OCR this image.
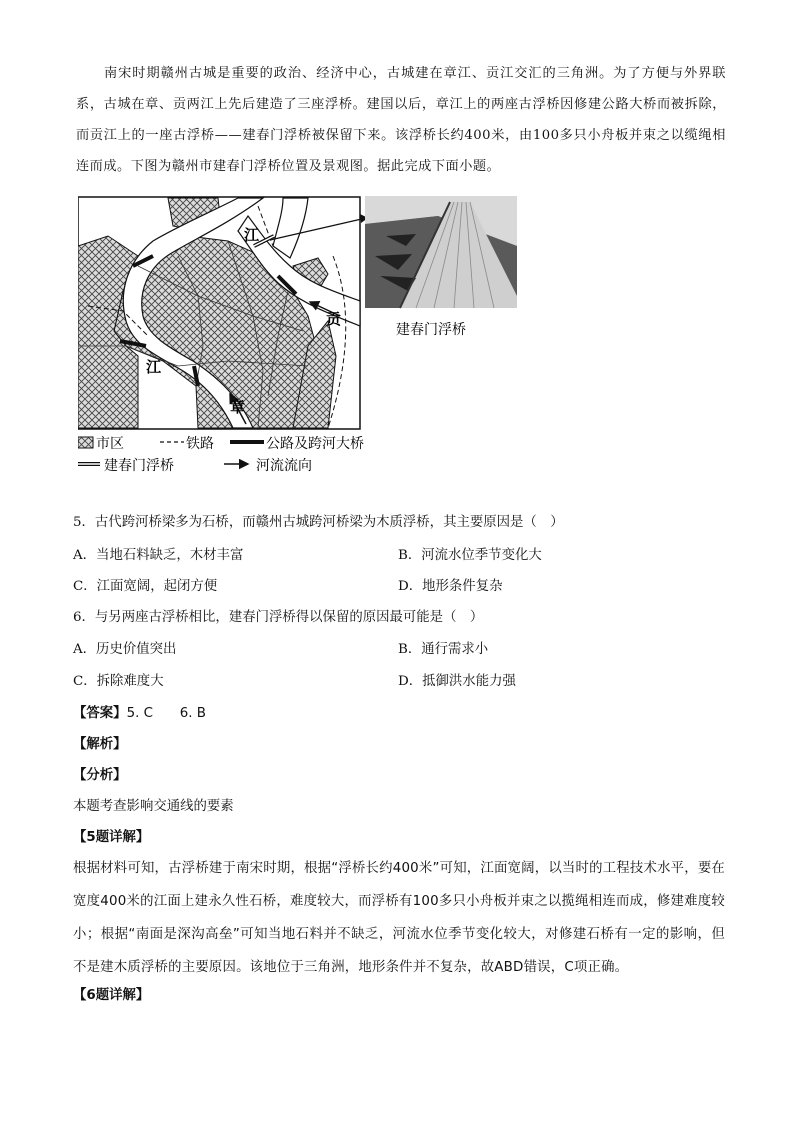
南宋时期赣州古城是重要的政治、经济中心，古城建在章江、贡江交汇的三角洲。为了方便与外界联系，古城在章、贡两江上先后建造了三座浮桥。建国以后，章江上的两座古浮桥因修建公路大桥而被拆除，而贡江上的一座古浮桥——建春门浮桥被保留下来。该浮桥长约400米，由100多只小舟板并束之以缆绳相连而成。下图为赣州市建春门浮桥位置及景观图。据此完成下面小题。
江
贡
江
章
建春门浮桥
市区	铁路	公路及跨河大桥
建春门浮桥	河流流向
5．古代跨河桥梁多为石桥，而赣州古城跨河桥梁为木质浮桥，其主要原因是（　）
A．当地石料缺乏，木材丰富	B．河流水位季节变化大
C．江面宽阔，起闭方便	D．地形条件复杂
6．与另两座古浮桥相比，建春门浮桥得以保留的原因最可能是（　）
A．历史价值突出	B．通行需求小
C．拆除难度大	D．抵御洪水能力强
【答案】5. C　　6. B
【解析】
【分析】
本题考查影响交通线的要素
【5题详解】
根据材料可知，古浮桥建于南宋时期，根据“浮桥长约400米”可知，江面宽阔，以当时的工程技术水平，要在宽度400米的江面上建永久性石桥，难度较大，而浮桥有100多只小舟板并束之以揽绳相连而成，修建难度较小；根据“南面是深沟高垒”可知当地石料并不缺乏，河流水位季节变化较大，对修建石桥有一定的影响，但不是建木质浮桥的主要原因。该地位于三角洲，地形条件并不复杂，故ABD错误，C项正确。
【6题详解】
